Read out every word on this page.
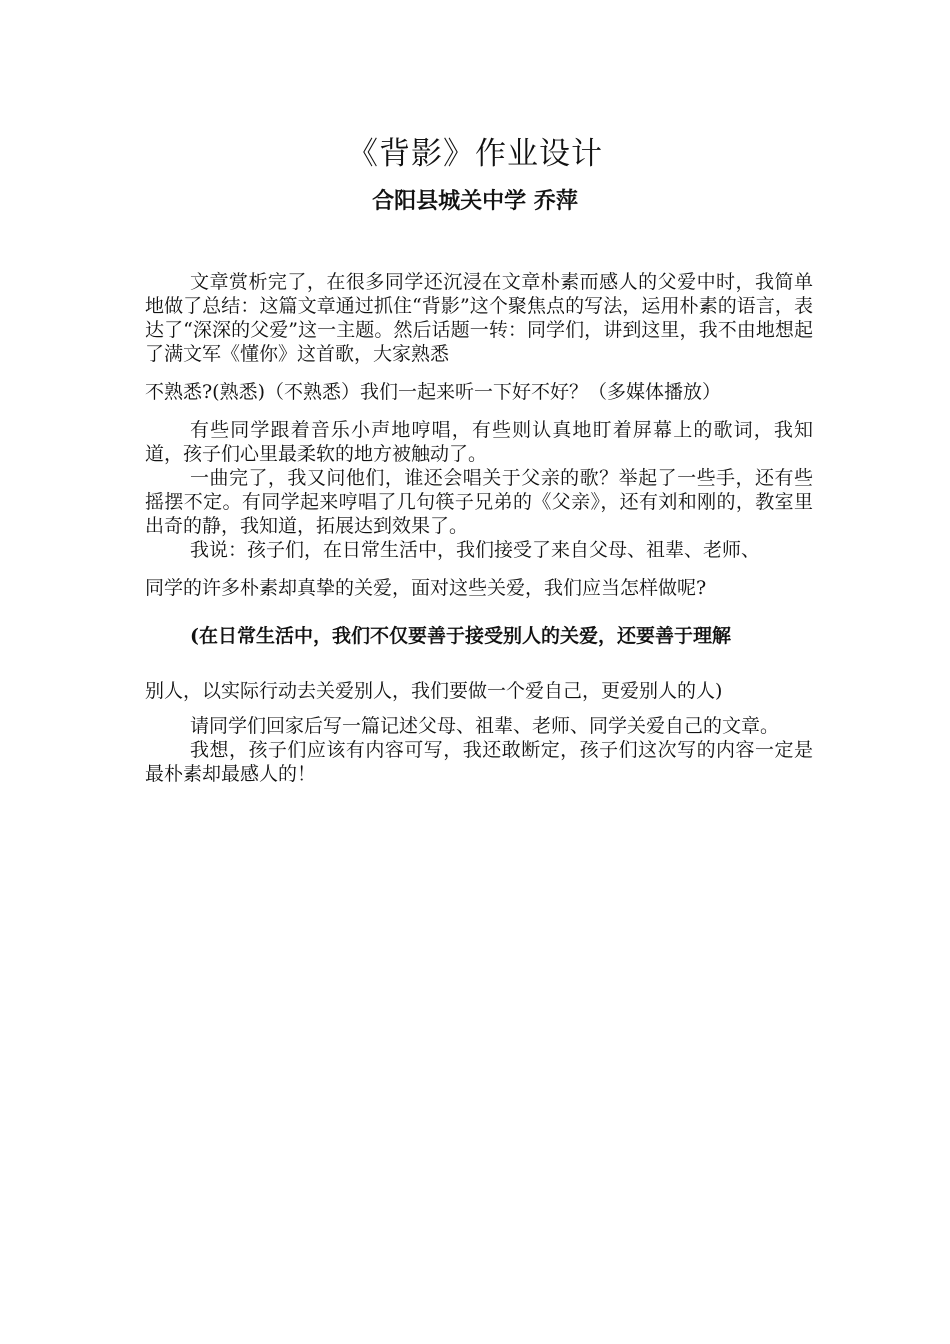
《背影》作业设计
合阳县城关中学 乔萍

文章赏析完了，在很多同学还沉浸在文章朴素而感人的父爱中时，我简单地做了总结：这篇文章通过抓住“背影”这个聚焦点的写法，运用朴素的语言，表达了“深深的父爱”这一主题。然后话题一转：同学们，讲到这里，我不由地想起了满文军《懂你》这首歌，大家熟悉

不熟悉?(熟悉)（不熟悉）我们一起来听一下好不好？（多媒体播放）

有些同学跟着音乐小声地哼唱，有些则认真地盯着屏幕上的歌词，我知道，孩子们心里最柔软的地方被触动了。

一曲完了，我又问他们，谁还会唱关于父亲的歌？举起了一些手，还有些摇摆不定。有同学起来哼唱了几句筷子兄弟的《父亲》，还有刘和刚的，教室里出奇的静，我知道，拓展达到效果了。

我说：孩子们，在日常生活中，我们接受了来自父母、祖辈、老师、

同学的许多朴素却真挚的关爱，面对这些关爱，我们应当怎样做呢?

(在日常生活中，我们不仅要善于接受别人的关爱，还要善于理解

别人，以实际行动去关爱别人，我们要做一个爱自己，更爱别人的人)

请同学们回家后写一篇记述父母、祖辈、老师、同学关爱自己的文章。

我想，孩子们应该有内容可写，我还敢断定，孩子们这次写的内容一定是最朴素却最感人的！
